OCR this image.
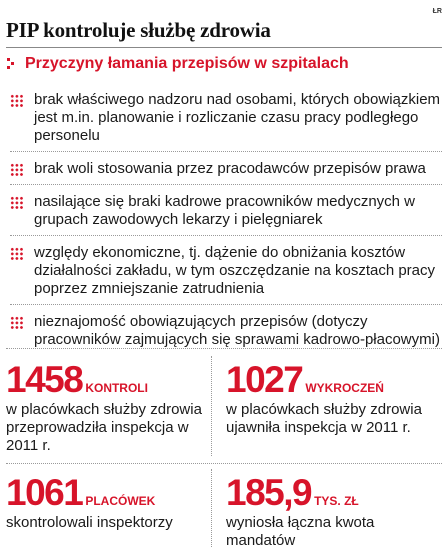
ŁR
PIP kontroluje służbę zdrowia
Przyczyny łamania przepisów w szpitalach
brak właściwego nadzoru nad osobami, których obowiązkiem jest m.in. planowanie i rozliczanie czasu pracy podległego personelu
brak woli stosowania przez pracodawców przepisów prawa
nasilające się braki kadrowe pracowników medycznych w grupach zawodowych lekarzy i pielęgniarek
względy ekonomiczne, tj. dążenie do obniżania kosztów działalności zakładu, w tym oszczędzanie na kosztach pracy poprzez zmniejszanie zatrudnienia
nieznajomość obowiązujących przepisów (dotyczy pracowników zajmujących się sprawami kadrowo-płacowymi)
1458 KONTROLI
w placówkach służby zdrowia przeprowadziła inspekcja w 2011 r.
1027 WYKROCZEŃ
w placówkach służby zdrowia ujawniła inspekcja w 2011 r.
1061 PLACÓWEK
skontrolowali inspektorzy
185,9 TYS. ZŁ
wyniosła łączna kwota mandatów
